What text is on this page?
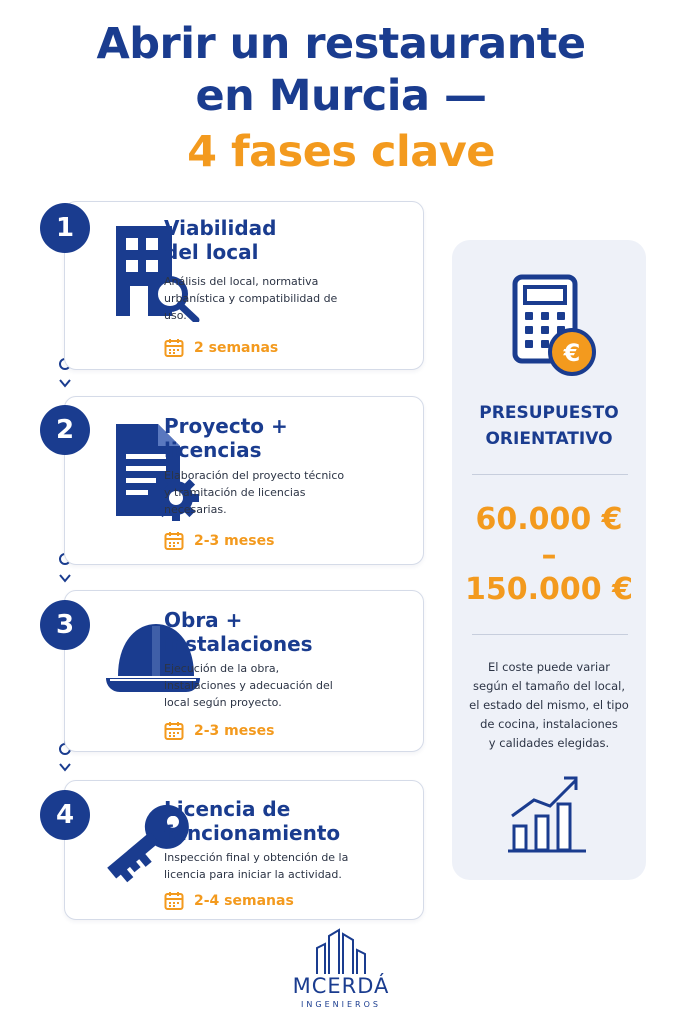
Abrir un restaurante
en Murcia —
4 fases clave
1	Viabilidad
del local
Análisis del local, normativa urbanística y compatibilidad de uso.
2 semanas
2	Proyecto +
licencias
Elaboración del proyecto técnico y tramitación de licencias necesarias.
2-3 meses
3	Obra +
instalaciones
Ejecución de la obra, instalaciones y adecuación del local según proyecto.
2-3 meses
4	Licencia de
funcionamiento
Inspección final y obtención de la licencia para iniciar la actividad.
2-4 semanas
€
PRESUPUESTO
ORIENTATIVO
60.000 €
–
150.000 €
El coste puede variar
según el tamaño del local,
el estado del mismo, el tipo
de cocina, instalaciones
y calidades elegidas.
MCERDÁ
INGENIEROS
